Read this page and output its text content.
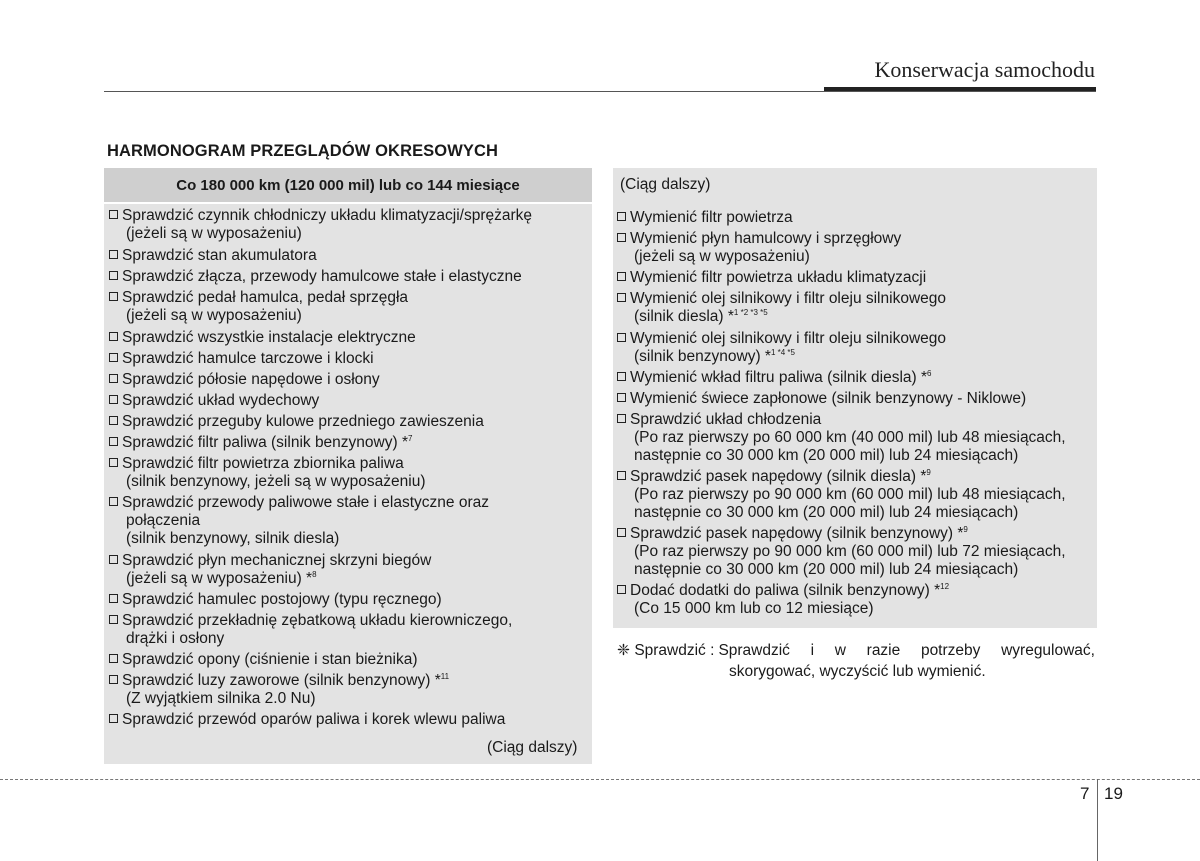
Konserwacja samochodu
HARMONOGRAM PRZEGLĄDÓW OKRESOWYCH
Co 180 000 km (120 000 mil) lub co 144 miesiące
Sprawdzić czynnik chłodniczy układu klimatyzacji/sprężarkę
(jeżeli są w wyposażeniu)
Sprawdzić stan akumulatora
Sprawdzić złącza, przewody hamulcowe stałe i elastyczne
Sprawdzić pedał hamulca, pedał sprzęgła
(jeżeli są w wyposażeniu)
Sprawdzić wszystkie instalacje elektryczne
Sprawdzić hamulce tarczowe i klocki
Sprawdzić półosie napędowe i osłony
Sprawdzić układ wydechowy
Sprawdzić przeguby kulowe przedniego zawieszenia
Sprawdzić filtr paliwa (silnik benzynowy) *$^7$
Sprawdzić filtr powietrza zbiornika paliwa
(silnik benzynowy, jeżeli są w wyposażeniu)
Sprawdzić przewody paliwowe stałe i elastyczne oraz
połączenia
(silnik benzynowy, silnik diesla)
Sprawdzić płyn mechanicznej skrzyni biegów
(jeżeli są w wyposażeniu) *$^8$
Sprawdzić hamulec postojowy (typu ręcznego)
Sprawdzić przekładnię zębatkową układu kierowniczego,
drążki i osłony
Sprawdzić opony (ciśnienie i stan bieżnika)
Sprawdzić luzy zaworowe (silnik benzynowy) *$^{11}$
(Z wyjątkiem silnika 2.0 Nu)
Sprawdzić przewód oparów paliwa i korek wlewu paliwa
(Ciąg dalszy)
(Ciąg dalszy)
Wymienić filtr powietrza
Wymienić płyn hamulcowy i sprzęgłowy
(jeżeli są w wyposażeniu)
Wymienić filtr powietrza układu klimatyzacji
Wymienić olej silnikowy i filtr oleju silnikowego
(silnik diesla) *$^{1 *2 *3 *5}$
Wymienić olej silnikowy i filtr oleju silnikowego
(silnik benzynowy) *$^{1 *4 *5}$
Wymienić wkład filtru paliwa (silnik diesla) *$^6$
Wymienić świece zapłonowe (silnik benzynowy - Niklowe)
Sprawdzić układ chłodzenia
(Po raz pierwszy po 60 000 km (40 000 mil) lub 48 miesiącach,
następnie co 30 000 km (20 000 mil) lub 24 miesiącach)
Sprawdzić pasek napędowy (silnik diesla) *$^9$
(Po raz pierwszy po 90 000 km (60 000 mil) lub 48 miesiącach,
następnie co 30 000 km (20 000 mil) lub 24 miesiącach)
Sprawdzić pasek napędowy (silnik benzynowy) *$^9$
(Po raz pierwszy po 90 000 km (60 000 mil) lub 72 miesiącach,
następnie co 30 000 km (20 000 mil) lub 24 miesiącach)
Dodać dodatki do paliwa (silnik benzynowy) *$^{12}$
(Co 15 000 km lub co 12 miesiące)
❈ Sprawdzić : Sprawdzić i w razie potrzeby wyregulować,
skorygować, wyczyścić lub wymienić.
7 19
